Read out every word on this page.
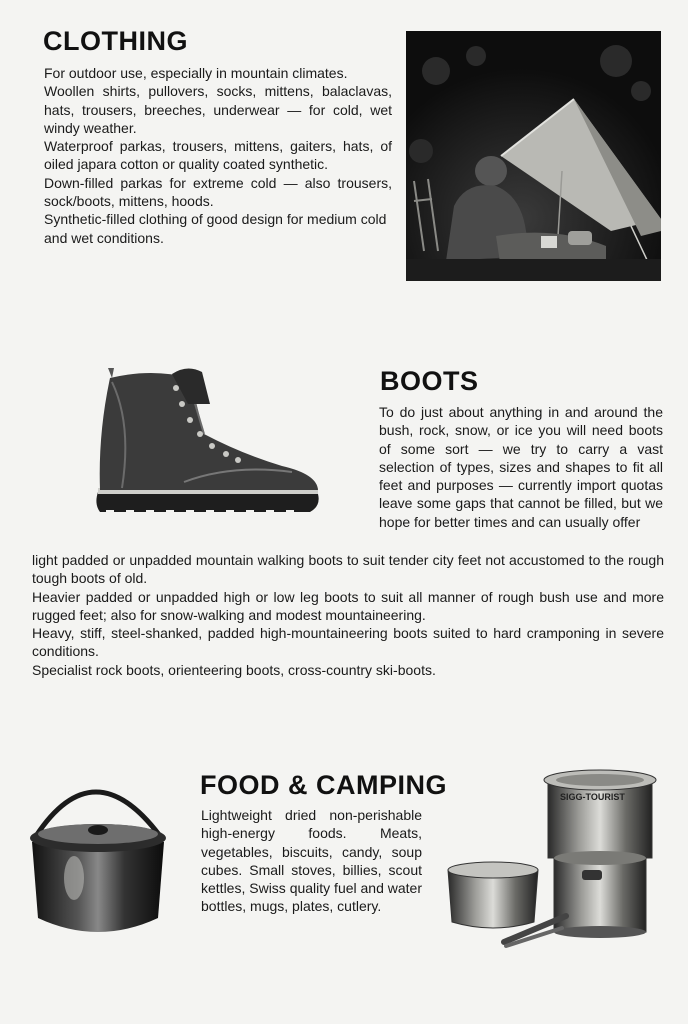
CLOTHING

For outdoor use, especially in mountain climates.

Woollen shirts, pullovers, socks, mittens, balaclavas, hats, trousers, breeches, underwear — for cold, wet windy weather.

Waterproof parkas, trousers, mittens, gaiters, hats, of oiled japara cotton or quality coated synthetic.

Down-filled parkas for extreme cold — also trousers, sock/boots, mittens, hoods.

Synthetic-filled clothing of good design for medium cold and wet conditions.

BOOTS

To do just about anything in and around the bush, rock, snow, or ice you will need boots of some sort — we try to carry a vast selection of types, sizes and shapes to fit all feet and purposes — currently import quotas leave some gaps that cannot be filled, but we hope for better times and can usually offer

light padded or unpadded mountain walking boots to suit tender city feet not accustomed to the rough tough boots of old.

Heavier padded or unpadded high or low leg boots to suit all manner of rough bush use and more rugged feet; also for snow-walking and modest mountaineering.

Heavy, stiff, steel-shanked, padded high-mountaineering boots suited to hard cramponing in severe conditions.

Specialist rock boots, orienteering boots, cross-country ski-boots.

FOOD & CAMPING

Lightweight dried non-perishable high-energy foods. Meats, vegetables, biscuits, candy, soup cubes. Small stoves, billies, scout kettles, Swiss quality fuel and water bottles, mugs, plates, cutlery.

SIGG-TOURIST
